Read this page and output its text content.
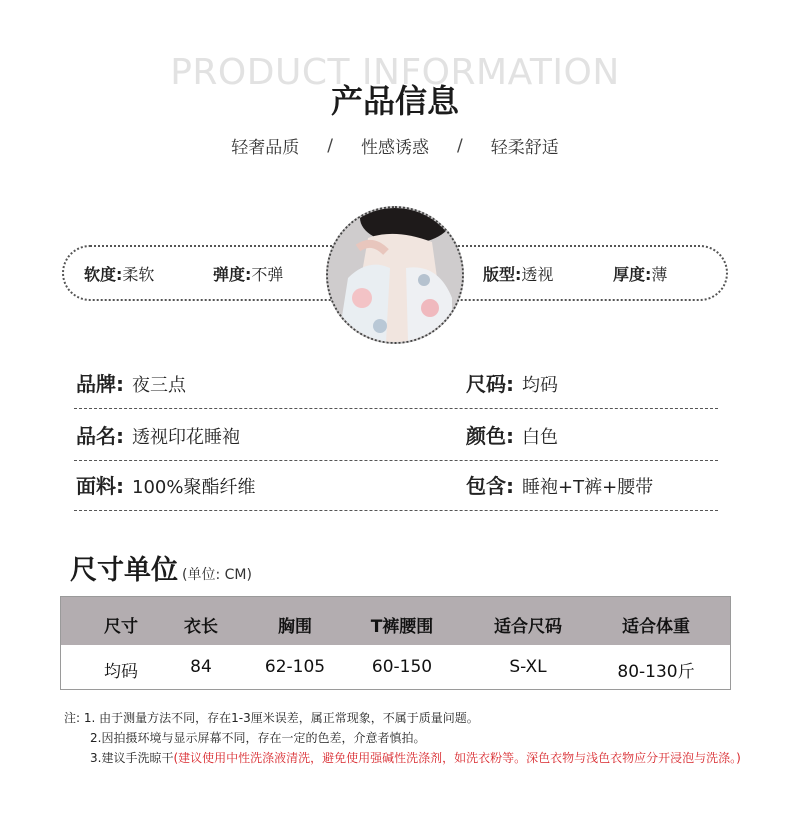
PRODUCT INFORMATION
产品信息
轻奢品质 / 性感诱惑 / 轻柔舒适
软度:柔软	弹度:不弹	版型:透视	厚度:薄
品牌: 夜三点	尺码: 均码
品名: 透视印花睡袍	颜色: 白色
面料: 100%聚酯纤维	包含: 睡袍+T裤+腰带
尺寸单位 (单位: CM)
尺寸	衣长	胸围	T裤腰围	适合尺码	适合体重
均码	84	62-105	60-150	S-XL	80-130斤
注: 1. 由于测量方法不同，存在1-3厘米误差，属正常现象，不属于质量问题。
2.因拍摄环境与显示屏幕不同，存在一定的色差，介意者慎拍。
3.建议手洗晾干(建议使用中性洗涤液清洗，避免使用强碱性洗涤剂，如洗衣粉等。深色衣物与浅色衣物应分开浸泡与洗涤。)
